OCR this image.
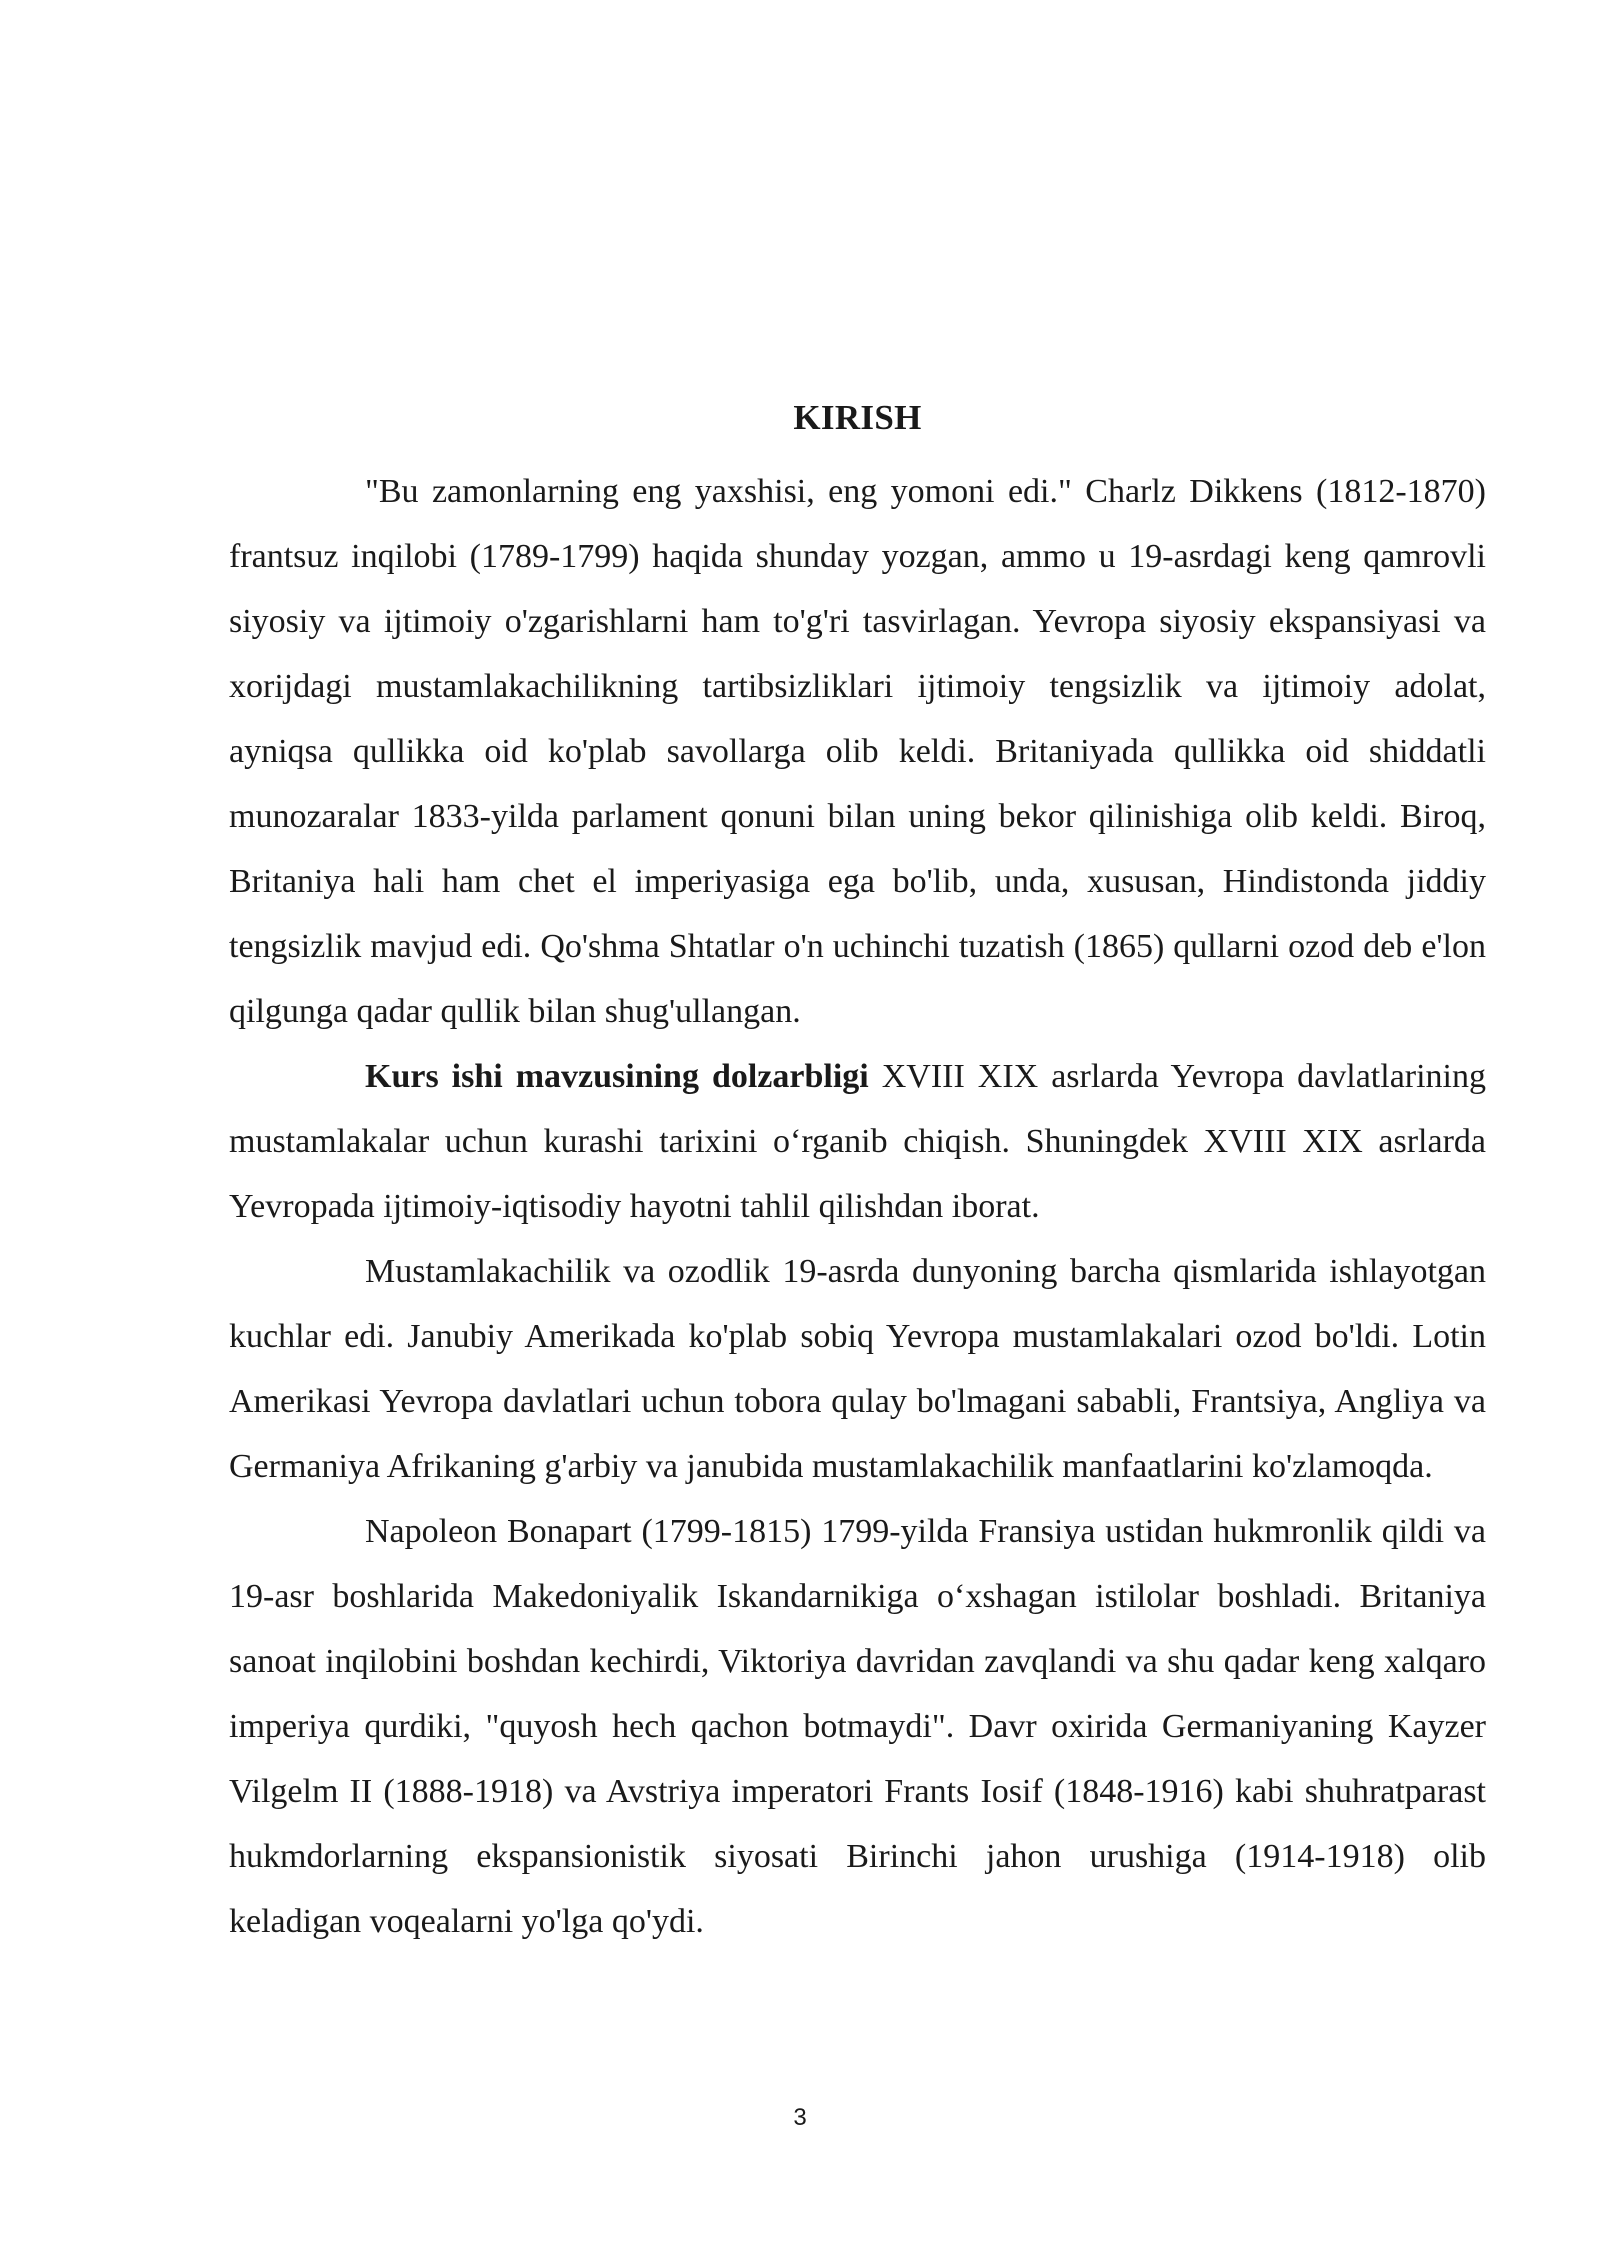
KIRISH

"Bu zamonlarning eng yaxshisi, eng yomoni edi." Charlz Dikkens (1812-1870) frantsuz inqilobi (1789-1799) haqida shunday yozgan, ammo u 19-asrdagi keng qamrovli siyosiy va ijtimoiy o'zgarishlarni ham to'g'ri tasvirlagan. Yevropa siyosiy ekspansiyasi va xorijdagi mustamlakachilikning tartibsizliklari ijtimoiy tengsizlik va ijtimoiy adolat, ayniqsa qullikka oid ko'plab savollarga olib keldi. Britaniyada qullikka oid shiddatli munozaralar 1833-yilda parlament qonuni bilan uning bekor qilinishiga olib keldi. Biroq, Britaniya hali ham chet el imperiyasiga ega bo'lib, unda, xususan, Hindistonda jiddiy tengsizlik mavjud edi. Qo'shma Shtatlar o'n uchinchi tuzatish (1865) qullarni ozod deb e'lon qilgunga qadar qullik bilan shug'ullangan.

Kurs ishi mavzusining dolzarbligi XVIII XIX asrlarda Yevropa davlatlarining mustamlakalar uchun kurashi tarixini oʻrganib chiqish. Shuningdek XVIII XIX asrlarda Yevropada ijtimoiy-iqtisodiy hayotni tahlil qilishdan iborat.

Mustamlakachilik va ozodlik 19-asrda dunyoning barcha qismlarida ishlayotgan kuchlar edi. Janubiy Amerikada ko'plab sobiq Yevropa mustamlakalari ozod bo'ldi. Lotin Amerikasi Yevropa davlatlari uchun tobora qulay bo'lmagani sababli, Frantsiya, Angliya va Germaniya Afrikaning g'arbiy va janubida mustamlakachilik manfaatlarini ko'zlamoqda.

Napoleon Bonapart (1799-1815) 1799-yilda Fransiya ustidan hukmronlik qildi va 19-asr boshlarida Makedoniyalik Iskandarnikiga oʻxshagan istilolar boshladi. Britaniya sanoat inqilobini boshdan kechirdi, Viktoriya davridan zavqlandi va shu qadar keng xalqaro imperiya qurdiki, "quyosh hech qachon botmaydi". Davr oxirida Germaniyaning Kayzer Vilgelm II (1888-1918) va Avstriya imperatori Frants Iosif (1848-1916) kabi shuhratparast hukmdorlarning ekspansionistik siyosati Birinchi jahon urushiga (1914-1918) olib keladigan voqealarni yo'lga qo'ydi.

3
